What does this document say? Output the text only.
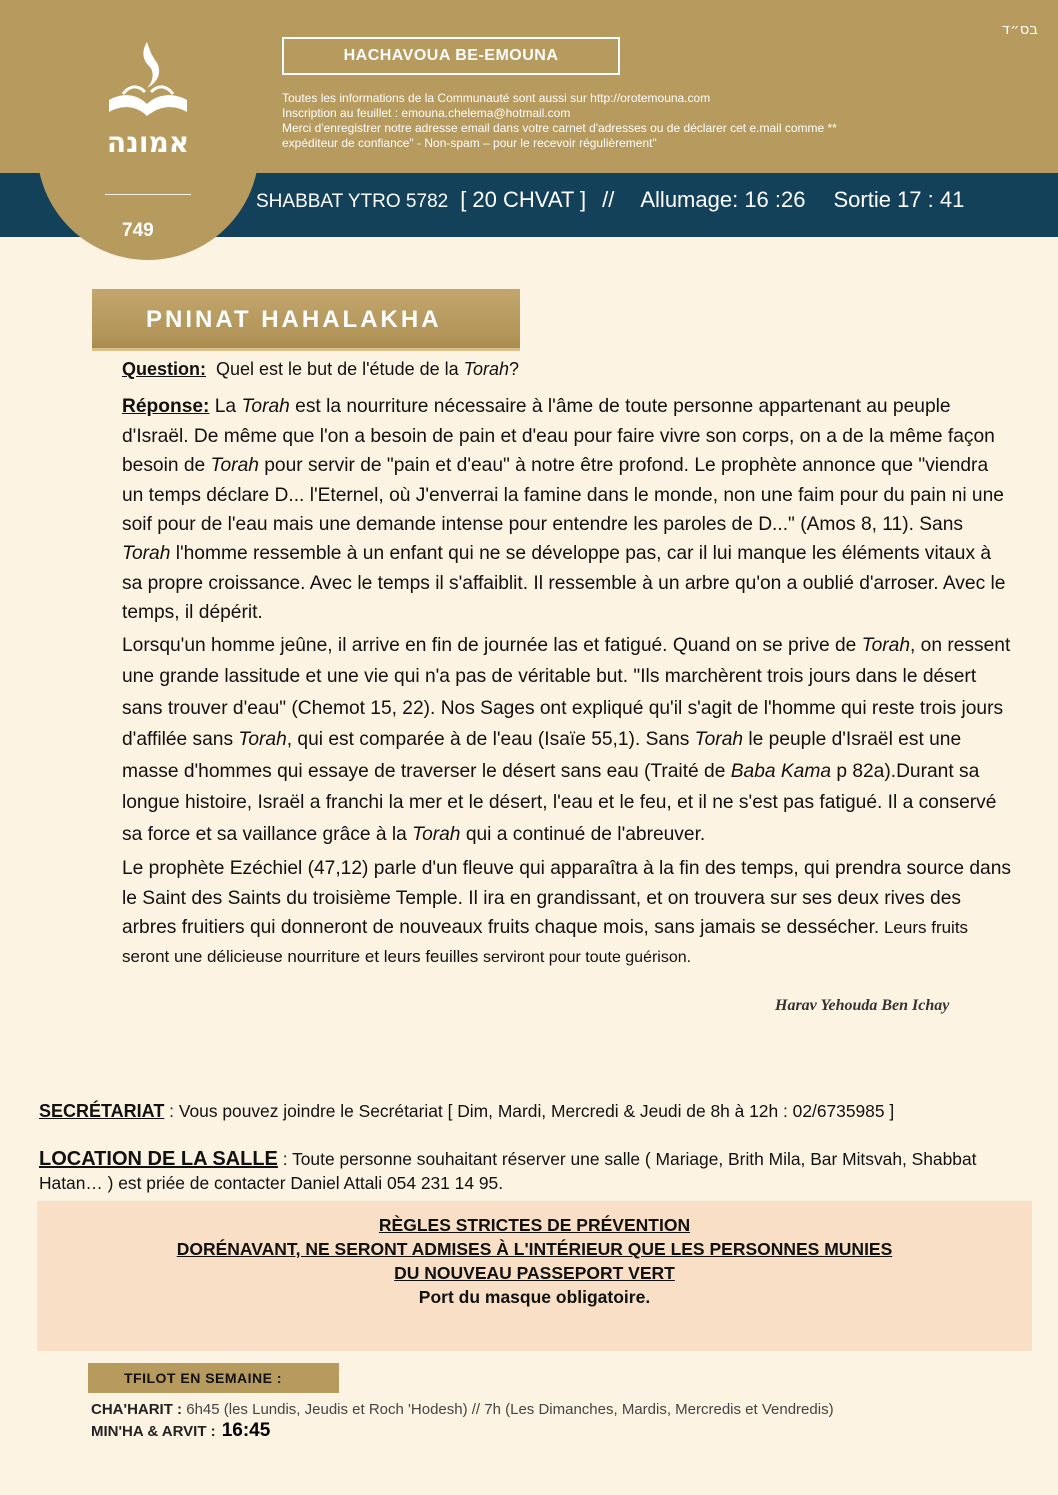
אמונה
749
בס״ד
HACHAVOUA BE-EMOUNA
Toutes les informations de la Communauté sont aussi sur http://orotemouna.com
Inscription au feuillet : emouna.chelema@hotmail.com
Merci d'enregistrer notre adresse email dans votre carnet d'adresses ou de déclarer cet e.mail comme **
expéditeur de confiance" - Non-spam – pour le recevoir régulièrement"
SHABBAT YTRO 5782 [ 20 CHVAT ] // Allumage: 16 :26 Sortie 17 : 41
PNINAT HAHALAKHA

Question: Quel est le but de l'étude de la Torah?

Réponse: La Torah est la nourriture nécessaire à l'âme de toute personne appartenant au peuple d'Israël. De même que l'on a besoin de pain et d'eau pour faire vivre son corps, on a de la même façon besoin de Torah pour servir de "pain et d'eau" à notre être profond. Le prophète annonce que "viendra un temps déclare D... l'Eternel, où J'enverrai la famine dans le monde, non une faim pour du pain ni une soif pour de l'eau mais une demande intense pour entendre les paroles de D..." (Amos 8, 11). Sans Torah l'homme ressemble à un enfant qui ne se développe pas, car il lui manque les éléments vitaux à sa propre croissance. Avec le temps il s'affaiblit. Il ressemble à un arbre qu'on a oublié d'arroser. Avec le temps, il dépérit.

Lorsqu'un homme jeûne, il arrive en fin de journée las et fatigué. Quand on se prive de Torah, on ressent une grande lassitude et une vie qui n'a pas de véritable but. "Ils marchèrent trois jours dans le désert sans trouver d'eau" (Chemot 15, 22). Nos Sages ont expliqué qu'il s'agit de l'homme qui reste trois jours d'affilée sans Torah, qui est comparée à de l'eau (Isaïe 55,1). Sans Torah le peuple d'Israël est une masse d'hommes qui essaye de traverser le désert sans eau (Traité de Baba Kama p 82a).Durant sa longue histoire, Israël a franchi la mer et le désert, l'eau et le feu, et il ne s'est pas fatigué. Il a conservé sa force et sa vaillance grâce à la Torah qui a continué de l'abreuver.

Le prophète Ezéchiel (47,12) parle d'un fleuve qui apparaîtra à la fin des temps, qui prendra source dans le Saint des Saints du troisième Temple. Il ira en grandissant, et on trouvera sur ses deux rives des arbres fruitiers qui donneront de nouveaux fruits chaque mois, sans jamais se dessécher. Leurs fruits seront une délicieuse nourriture et leurs feuilles serviront pour toute guérison.

Harav Yehouda Ben Ichay
SECRÉTARIAT : Vous pouvez joindre le Secrétariat [ Dim, Mardi, Mercredi & Jeudi de 8h à 12h : 02/6735985 ]
LOCATION DE LA SALLE : Toute personne souhaitant réserver une salle ( Mariage, Brith Mila, Bar Mitsvah, Shabbat Hatan… ) est priée de contacter Daniel Attali 054 231 14 95.
RÈGLES STRICTES DE PRÉVENTION
DORÉNAVANT, NE SERONT ADMISES À L'INTÉRIEUR QUE LES PERSONNES MUNIES
DU NOUVEAU PASSEPORT VERT
Port du masque obligatoire.
TFILOT EN SEMAINE :
CHA'HARIT : 6h45 (les Lundis, Jeudis et Roch 'Hodesh) // 7h (Les Dimanches, Mardis, Mercredis et Vendredis)
MIN'HA & ARVIT : 16:45
